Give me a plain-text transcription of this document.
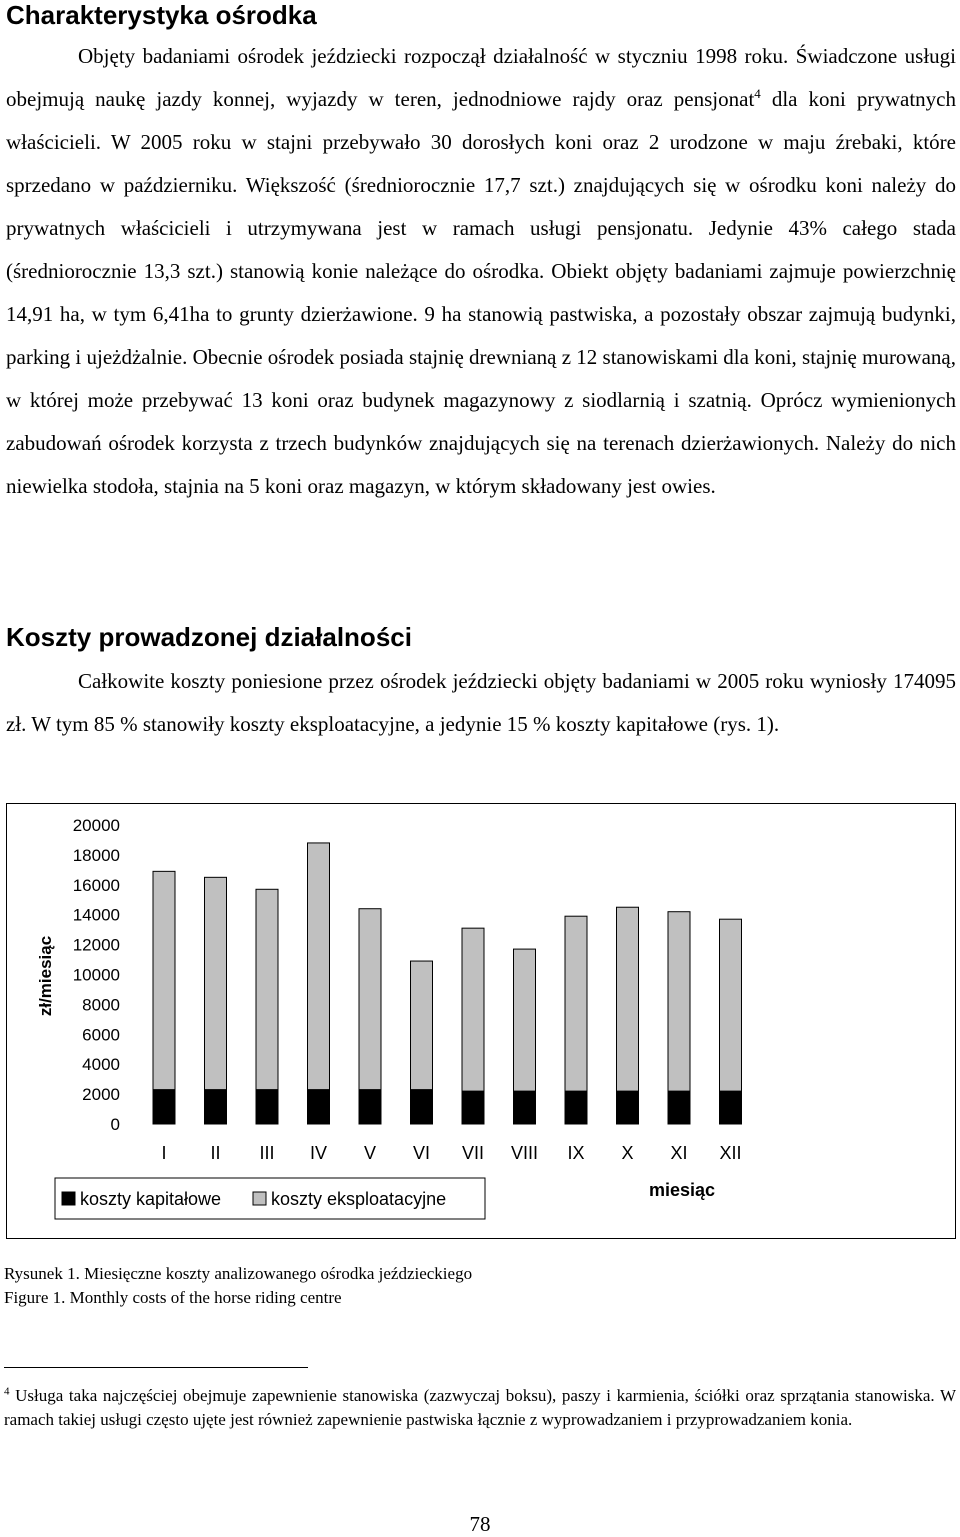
Charakterystyka ośrodka

Objęty badaniami ośrodek jeździecki rozpoczął działalność w styczniu 1998 roku. Świadczone usługi obejmują naukę jazdy konnej, wyjazdy w teren, jednodniowe rajdy oraz pensjonat$^4$ dla koni prywatnych właścicieli. W 2005 roku w stajni przebywało 30 dorosłych koni oraz 2 urodzone w maju źrebaki, które sprzedano w październiku. Większość (średniorocznie 17,7 szt.) znajdujących się w ośrodku koni należy do prywatnych właścicieli i utrzymywana jest w ramach usługi pensjonatu. Jedynie 43% całego stada (średniorocznie 13,3 szt.) stanowią konie należące do ośrodka. Obiekt objęty badaniami zajmuje powierzchnię 14,91 ha, w tym 6,41ha to grunty dzierżawione. 9 ha stanowią pastwiska, a pozostały obszar zajmują budynki, parking i ujeżdżalnie. Obecnie ośrodek posiada stajnię drewnianą z 12 stanowiskami dla koni, stajnię murowaną, w której może przebywać 13 koni oraz budynek magazynowy z siodlarnią i szatnią. Oprócz wymienionych zabudowań ośrodek korzysta z trzech budynków znajdujących się na terenach dzierżawionych. Należy do nich niewielka stodoła, stajnia na 5 koni oraz magazyn, w którym składowany jest owies.

Koszty prowadzonej działalności

Całkowite koszty poniesione przez ośrodek jeździecki objęty badaniami w 2005 roku wyniosły 174095 zł. W tym 85 % stanowiły koszty eksploatacyjne, a jedynie 15 % koszty kapitałowe (rys. 1).

20000
18000
16000
14000
12000
10000
8000
6000
4000
2000
0
I II III IV V VI VII VIII IX X XI XII
zł/miesiąc
miesiąc
koszty kapitałowe	koszty eksploatacyjne

Rysunek 1. Miesięczne koszty analizowanego ośrodka jeździeckiego

Figure 1. Monthly costs of the horse riding centre

$^4$ Usługa taka najczęściej obejmuje zapewnienie stanowiska (zazwyczaj boksu), paszy i karmienia, ściółki oraz sprzątania stanowiska. W ramach takiej usługi często ujęte jest również zapewnienie pastwiska łącznie z wyprowadzaniem i przyprowadzaniem konia.

78
